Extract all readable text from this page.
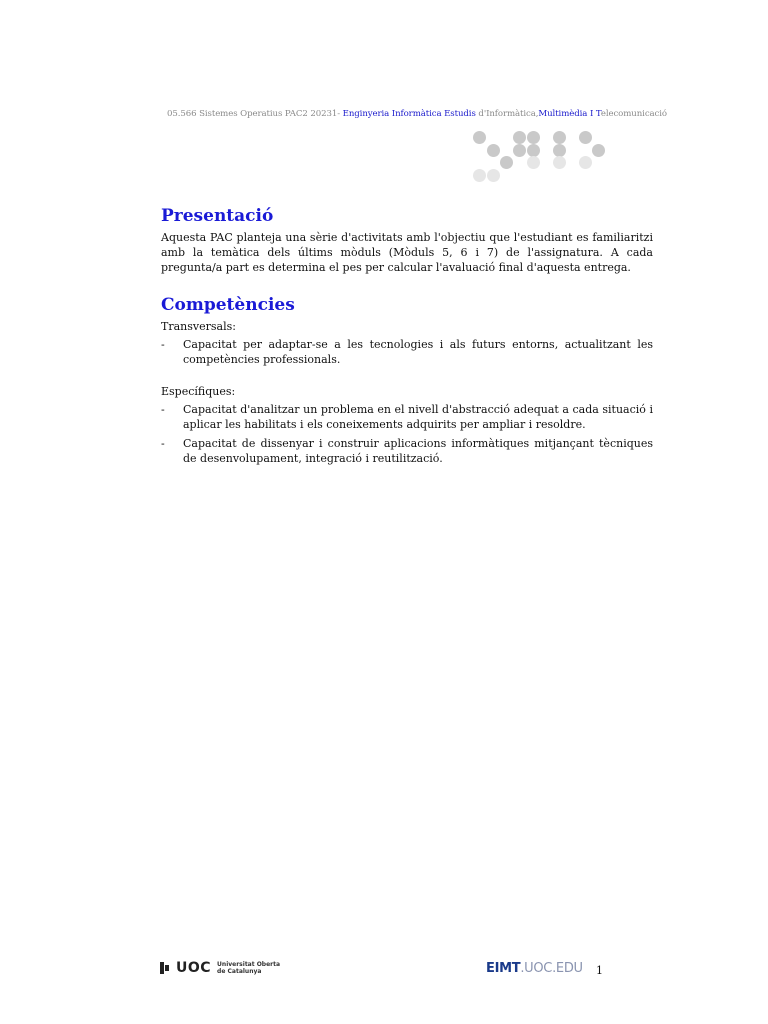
05.566 Sistemes Operatius PAC2 20231- Enginyeria Informàtica Estudis d'Informàtica,Multimèdia I Telecomunicació
Presentació

Aquesta PAC planteja una sèrie d'activitats amb l'objectiu que l'estudiant es familiaritzi amb la temàtica dels últims mòduls (Mòduls 5, 6 i 7) de l'assignatura. A cada pregunta/a part es determina el pes per calcular l'avaluació final d'aquesta entrega.

Competències
Transversals:
- Capacitat per adaptar-se a les tecnologies i als futurs entorns, actualitzant les competències professionals.
Específiques:
- Capacitat d'analitzar un problema en el nivell d'abstracció adequat a cada situació i aplicar les habilitats i els coneixements adquirits per ampliar i resoldre.
- Capacitat de dissenyar i construir aplicacions informàtiques mitjançant tècniques de desenvolupament, integració i reutilització.
UOC Universitat Oberta
de Catalunya	EIMT.UOC.EDU 1
